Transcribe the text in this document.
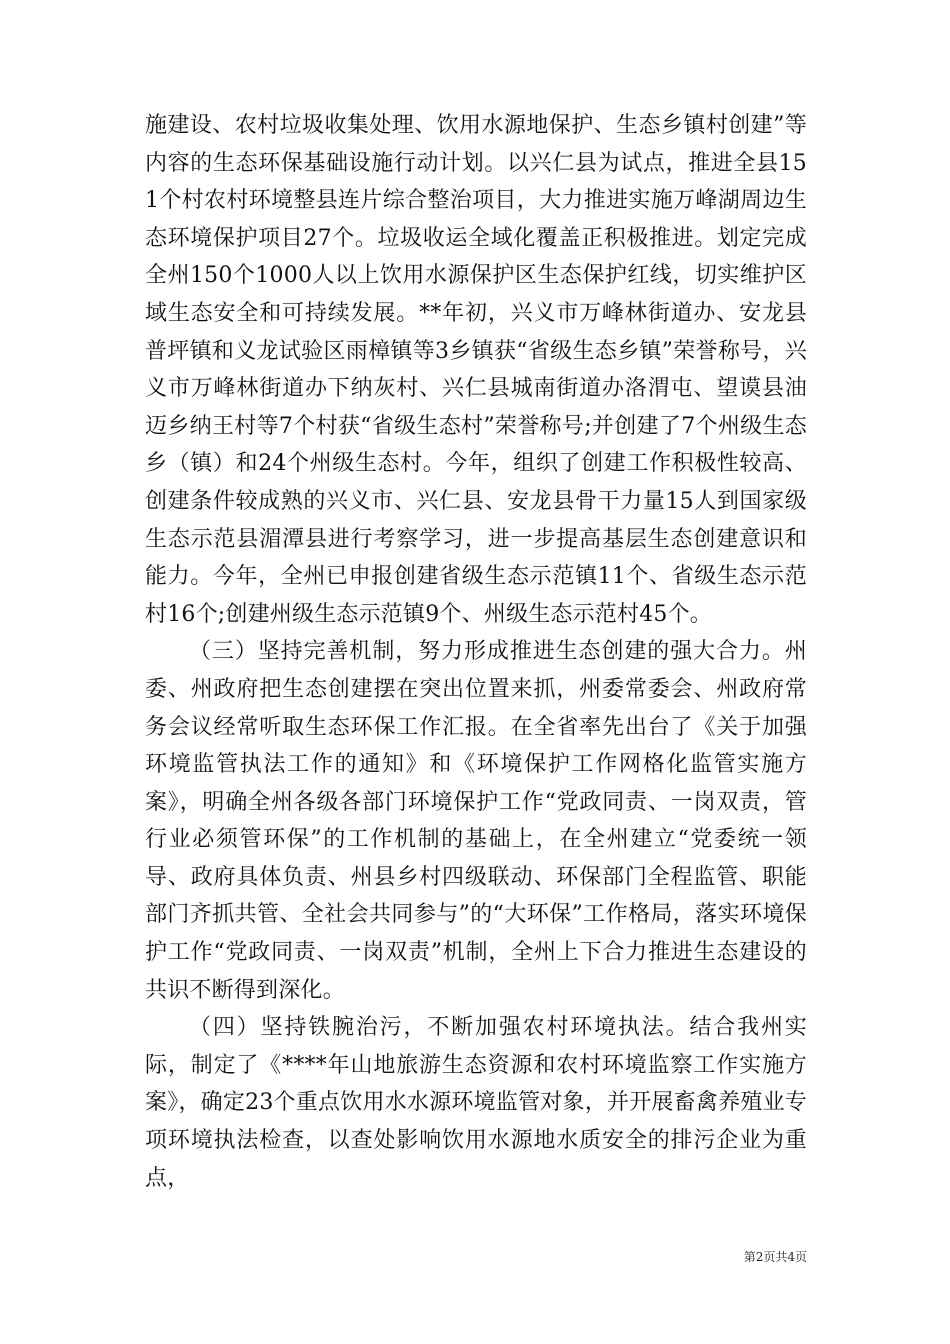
施建设、农村垃圾收集处理、饮用水源地保护、生态乡镇村创建”等内容的生态环保基础设施行动计划。以兴仁县为试点，推进全县151个村农村环境整县连片综合整治项目，大力推进实施万峰湖周边生态环境保护项目27个。垃圾收运全域化覆盖正积极推进。划定完成全州150个1000人以上饮用水源保护区生态保护红线，切实维护区域生态安全和可持续发展。**年初，兴义市万峰林街道办、安龙县普坪镇和义龙试验区雨樟镇等3乡镇获“省级生态乡镇”荣誉称号，兴义市万峰林街道办下纳灰村、兴仁县城南街道办洛渭屯、望谟县油迈乡纳王村等7个村获“省级生态村”荣誉称号;并创建了7个州级生态乡（镇）和24个州级生态村。今年，组织了创建工作积极性较高、创建条件较成熟的兴义市、兴仁县、安龙县骨干力量15人到国家级生态示范县湄潭县进行考察学习，进一步提高基层生态创建意识和能力。今年，全州已申报创建省级生态示范镇11个、省级生态示范村16个;创建州级生态示范镇9个、州级生态示范村45个。

（三）坚持完善机制，努力形成推进生态创建的强大合力。州委、州政府把生态创建摆在突出位置来抓，州委常委会、州政府常务会议经常听取生态环保工作汇报。在全省率先出台了《关于加强环境监管执法工作的通知》和《环境保护工作网格化监管实施方案》，明确全州各级各部门环境保护工作“党政同责、一岗双责，管行业必须管环保”的工作机制的基础上，在全州建立“党委统一领导、政府具体负责、州县乡村四级联动、环保部门全程监管、职能部门齐抓共管、全社会共同参与”的“大环保”工作格局，落实环境保护工作“党政同责、一岗双责”机制，全州上下合力推进生态建设的共识不断得到深化。

（四）坚持铁腕治污，不断加强农村环境执法。结合我州实际，制定了《****年山地旅游生态资源和农村环境监察工作实施方案》，确定23个重点饮用水水源环境监管对象，并开展畜禽养殖业专项环境执法检查，以查处影响饮用水源地水质安全的排污企业为重点，

第2页共4页
